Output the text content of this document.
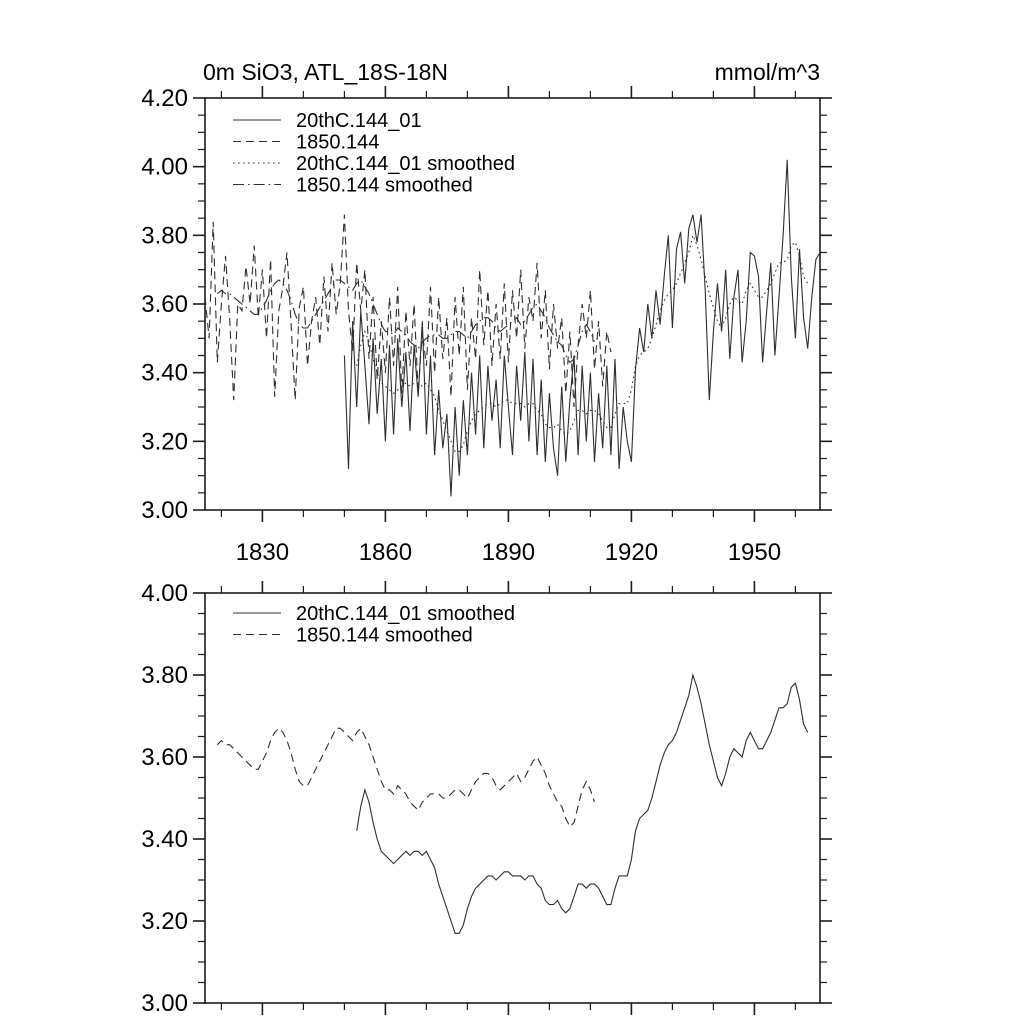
0m SiO3, ATL_18S-18N	mmol/m^3
3.00
3.20
3.40
3.60
3.80
4.00
4.20
1830	1860	1890	1920	1950
20thC.144_01
1850.144
20thC.144_01 smoothed
1850.144 smoothed
3.00
3.20
3.40
3.60
3.80
4.00
20thC.144_01 smoothed
1850.144 smoothed
